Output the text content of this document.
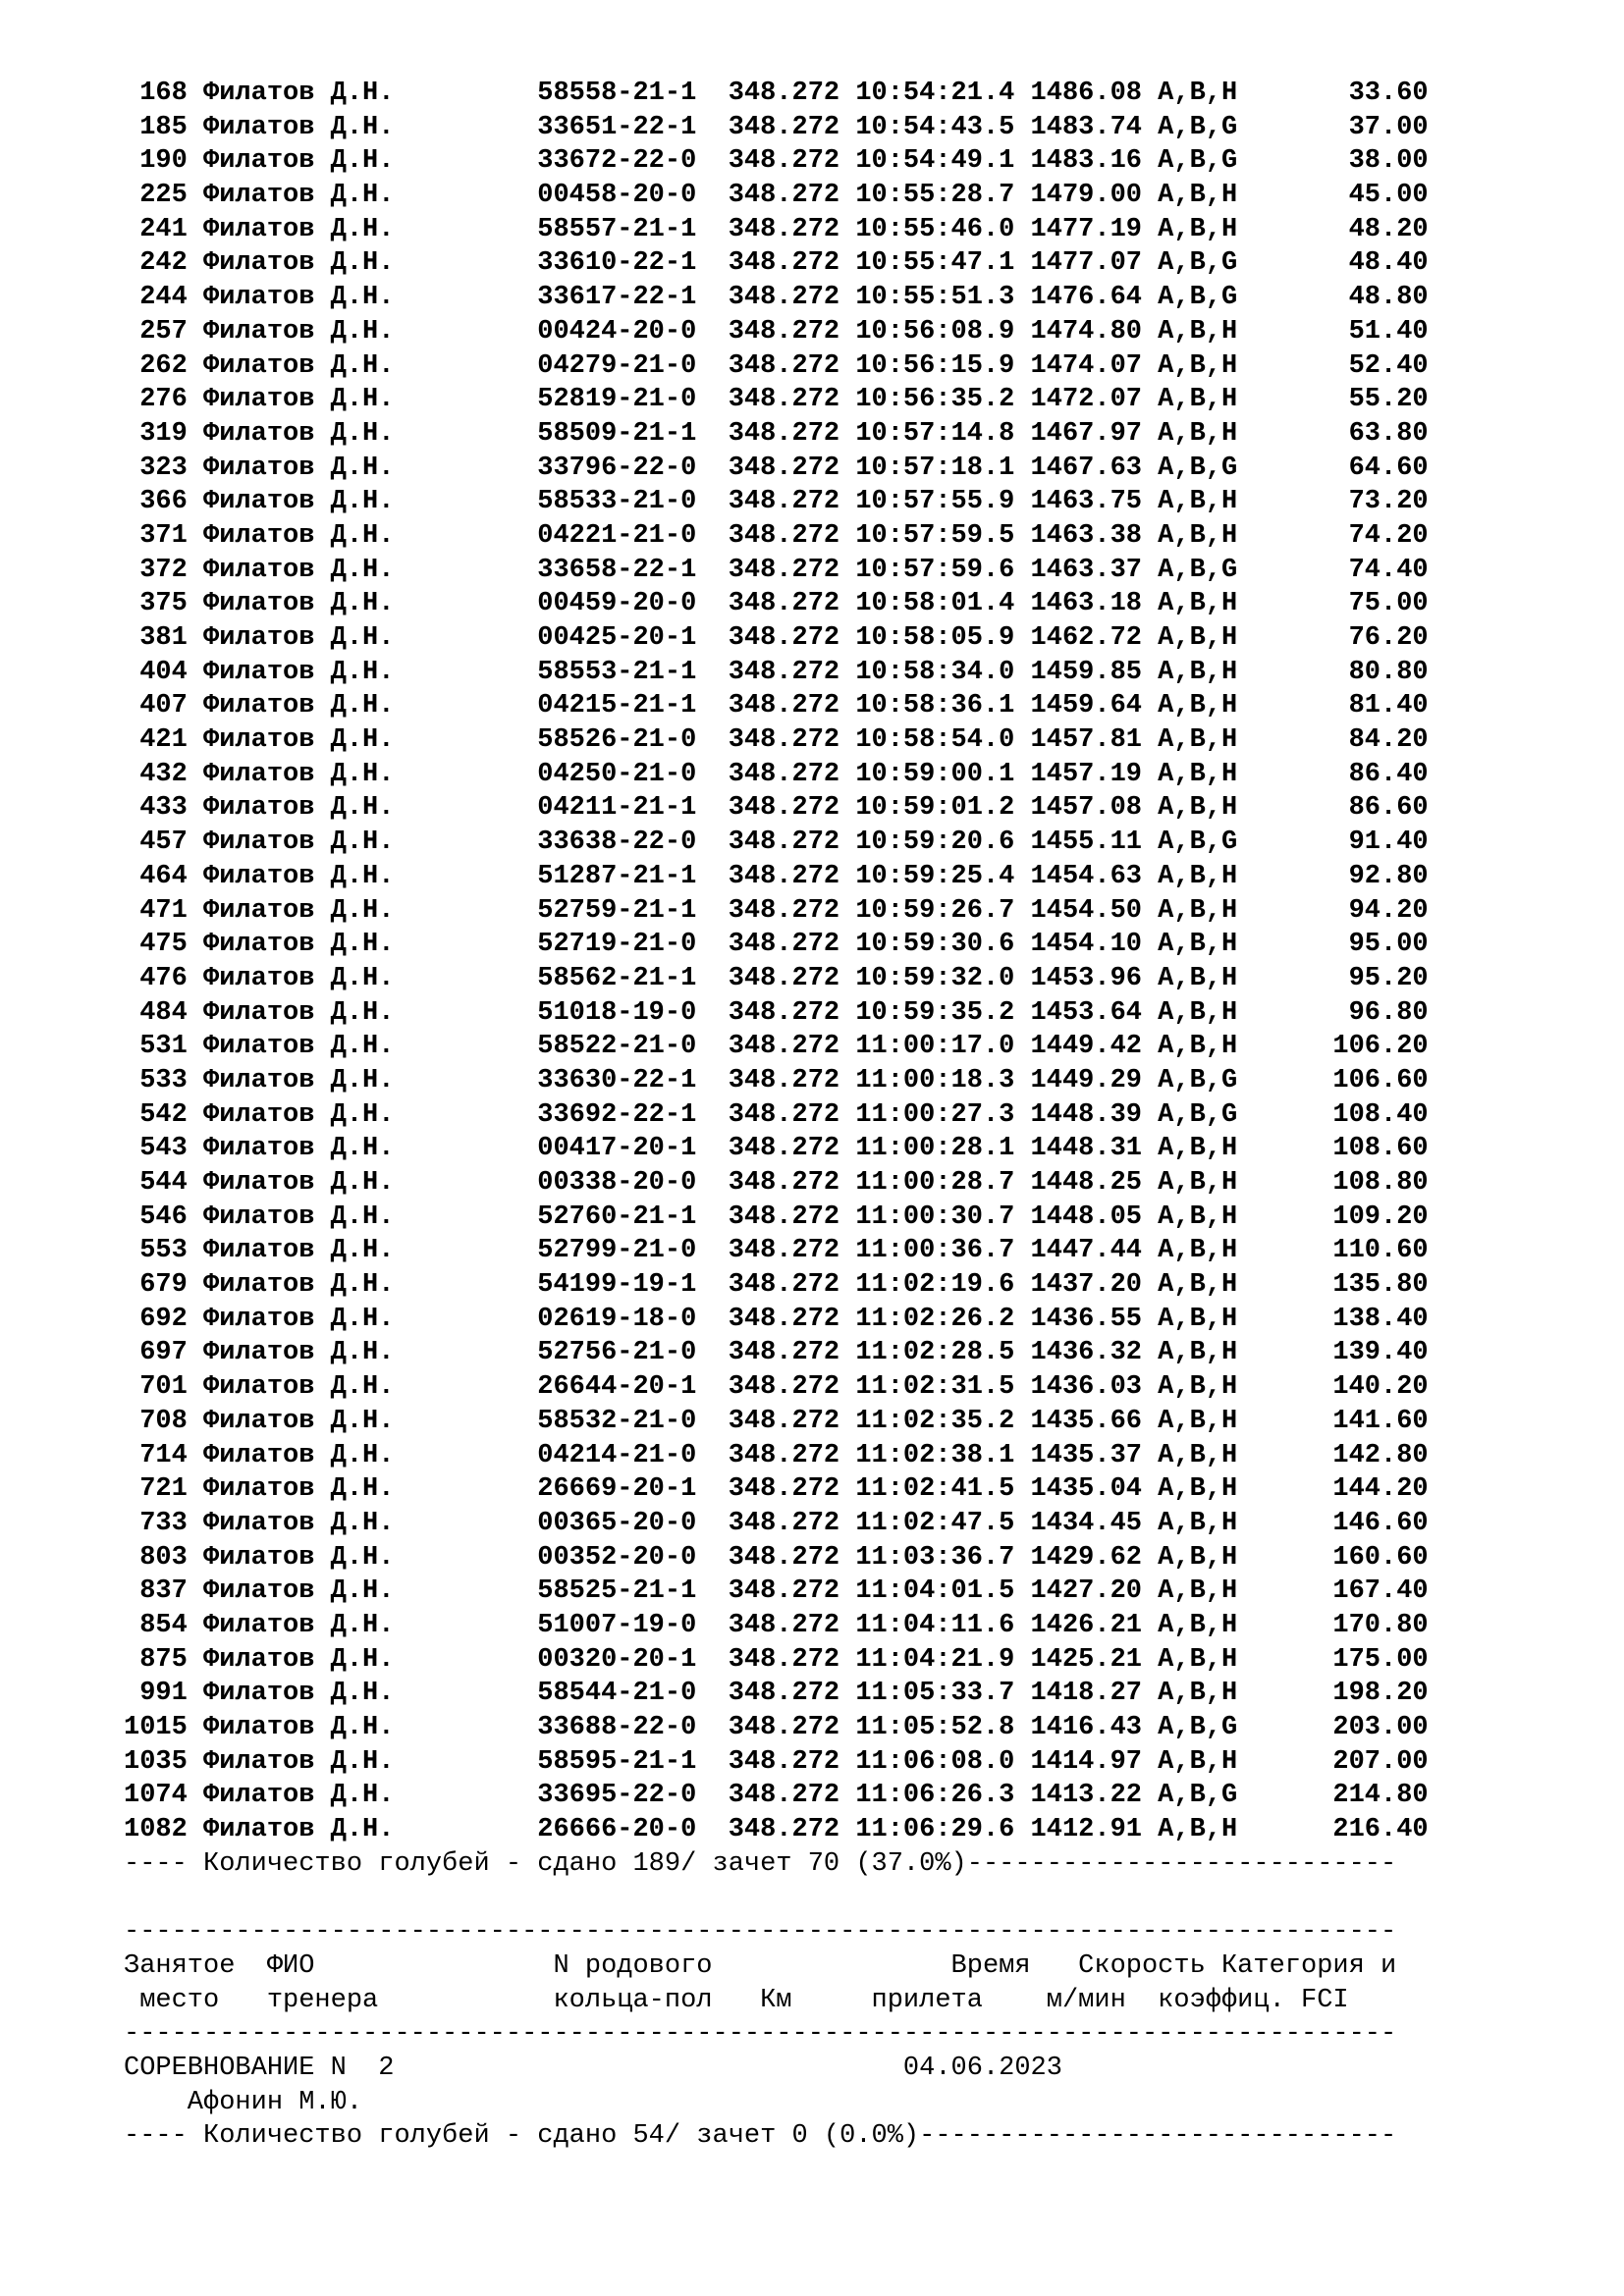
168 Филатов Д.Н.         58558-21-1  348.272 10:54:21.4 1486.08 A,B,H       33.60
185 Филатов Д.Н.         33651-22-1  348.272 10:54:43.5 1483.74 A,B,G       37.00
190 Филатов Д.Н.         33672-22-0  348.272 10:54:49.1 1483.16 A,B,G       38.00
225 Филатов Д.Н.         00458-20-0  348.272 10:55:28.7 1479.00 A,B,H       45.00
241 Филатов Д.Н.         58557-21-1  348.272 10:55:46.0 1477.19 A,B,H       48.20
242 Филатов Д.Н.         33610-22-1  348.272 10:55:47.1 1477.07 A,B,G       48.40
244 Филатов Д.Н.         33617-22-1  348.272 10:55:51.3 1476.64 A,B,G       48.80
257 Филатов Д.Н.         00424-20-0  348.272 10:56:08.9 1474.80 A,B,H       51.40
262 Филатов Д.Н.         04279-21-0  348.272 10:56:15.9 1474.07 A,B,H       52.40
276 Филатов Д.Н.         52819-21-0  348.272 10:56:35.2 1472.07 A,B,H       55.20
319 Филатов Д.Н.         58509-21-1  348.272 10:57:14.8 1467.97 A,B,H       63.80
323 Филатов Д.Н.         33796-22-0  348.272 10:57:18.1 1467.63 A,B,G       64.60
366 Филатов Д.Н.         58533-21-0  348.272 10:57:55.9 1463.75 A,B,H       73.20
371 Филатов Д.Н.         04221-21-0  348.272 10:57:59.5 1463.38 A,B,H       74.20
372 Филатов Д.Н.         33658-22-1  348.272 10:57:59.6 1463.37 A,B,G       74.40
375 Филатов Д.Н.         00459-20-0  348.272 10:58:01.4 1463.18 A,B,H       75.00
381 Филатов Д.Н.         00425-20-1  348.272 10:58:05.9 1462.72 A,B,H       76.20
404 Филатов Д.Н.         58553-21-1  348.272 10:58:34.0 1459.85 A,B,H       80.80
407 Филатов Д.Н.         04215-21-1  348.272 10:58:36.1 1459.64 A,B,H       81.40
421 Филатов Д.Н.         58526-21-0  348.272 10:58:54.0 1457.81 A,B,H       84.20
432 Филатов Д.Н.         04250-21-0  348.272 10:59:00.1 1457.19 A,B,H       86.40
433 Филатов Д.Н.         04211-21-1  348.272 10:59:01.2 1457.08 A,B,H       86.60
457 Филатов Д.Н.         33638-22-0  348.272 10:59:20.6 1455.11 A,B,G       91.40
464 Филатов Д.Н.         51287-21-1  348.272 10:59:25.4 1454.63 A,B,H       92.80
471 Филатов Д.Н.         52759-21-1  348.272 10:59:26.7 1454.50 A,B,H       94.20
475 Филатов Д.Н.         52719-21-0  348.272 10:59:30.6 1454.10 A,B,H       95.00
476 Филатов Д.Н.         58562-21-1  348.272 10:59:32.0 1453.96 A,B,H       95.20
484 Филатов Д.Н.         51018-19-0  348.272 10:59:35.2 1453.64 A,B,H       96.80
531 Филатов Д.Н.         58522-21-0  348.272 11:00:17.0 1449.42 A,B,H      106.20
533 Филатов Д.Н.         33630-22-1  348.272 11:00:18.3 1449.29 A,B,G      106.60
542 Филатов Д.Н.         33692-22-1  348.272 11:00:27.3 1448.39 A,B,G      108.40
543 Филатов Д.Н.         00417-20-1  348.272 11:00:28.1 1448.31 A,B,H      108.60
544 Филатов Д.Н.         00338-20-0  348.272 11:00:28.7 1448.25 A,B,H      108.80
546 Филатов Д.Н.         52760-21-1  348.272 11:00:30.7 1448.05 A,B,H      109.20
553 Филатов Д.Н.         52799-21-0  348.272 11:00:36.7 1447.44 A,B,H      110.60
679 Филатов Д.Н.         54199-19-1  348.272 11:02:19.6 1437.20 A,B,H      135.80
692 Филатов Д.Н.         02619-18-0  348.272 11:02:26.2 1436.55 A,B,H      138.40
697 Филатов Д.Н.         52756-21-0  348.272 11:02:28.5 1436.32 A,B,H      139.40
701 Филатов Д.Н.         26644-20-1  348.272 11:02:31.5 1436.03 A,B,H      140.20
708 Филатов Д.Н.         58532-21-0  348.272 11:02:35.2 1435.66 A,B,H      141.60
714 Филатов Д.Н.         04214-21-0  348.272 11:02:38.1 1435.37 A,B,H      142.80
721 Филатов Д.Н.         26669-20-1  348.272 11:02:41.5 1435.04 A,B,H      144.20
733 Филатов Д.Н.         00365-20-0  348.272 11:02:47.5 1434.45 A,B,H      146.60
803 Филатов Д.Н.         00352-20-0  348.272 11:03:36.7 1429.62 A,B,H      160.60
837 Филатов Д.Н.         58525-21-1  348.272 11:04:01.5 1427.20 A,B,H      167.40
854 Филатов Д.Н.         51007-19-0  348.272 11:04:11.6 1426.21 A,B,H      170.80
875 Филатов Д.Н.         00320-20-1  348.272 11:04:21.9 1425.21 A,B,H      175.00
991 Филатов Д.Н.         58544-21-0  348.272 11:05:33.7 1418.27 A,B,H      198.20
1015 Филатов Д.Н.         33688-22-0  348.272 11:05:52.8 1416.43 A,B,G      203.00
1035 Филатов Д.Н.         58595-21-1  348.272 11:06:08.0 1414.97 A,B,H      207.00
1074 Филатов Д.Н.         33695-22-0  348.272 11:06:26.3 1413.22 A,B,G      214.80
1082 Филатов Д.Н.         26666-20-0  348.272 11:06:29.6 1412.91 A,B,H      216.40
---- Количество голубей - сдано 189/ зачет 70 (37.0%)---------------------------
--------------------------------------------------------------------------------
Занятое  ФИО               N родового               Время   Скорость Категория и
место   тренера           кольца-пол   Км     прилета    м/мин  коэффиц. FCI
--------------------------------------------------------------------------------
СОРЕВНОВАНИЕ N  2                                04.06.2023
Афонин М.Ю.
---- Количество голубей - сдано 54/ зачет 0 (0.0%)------------------------------
